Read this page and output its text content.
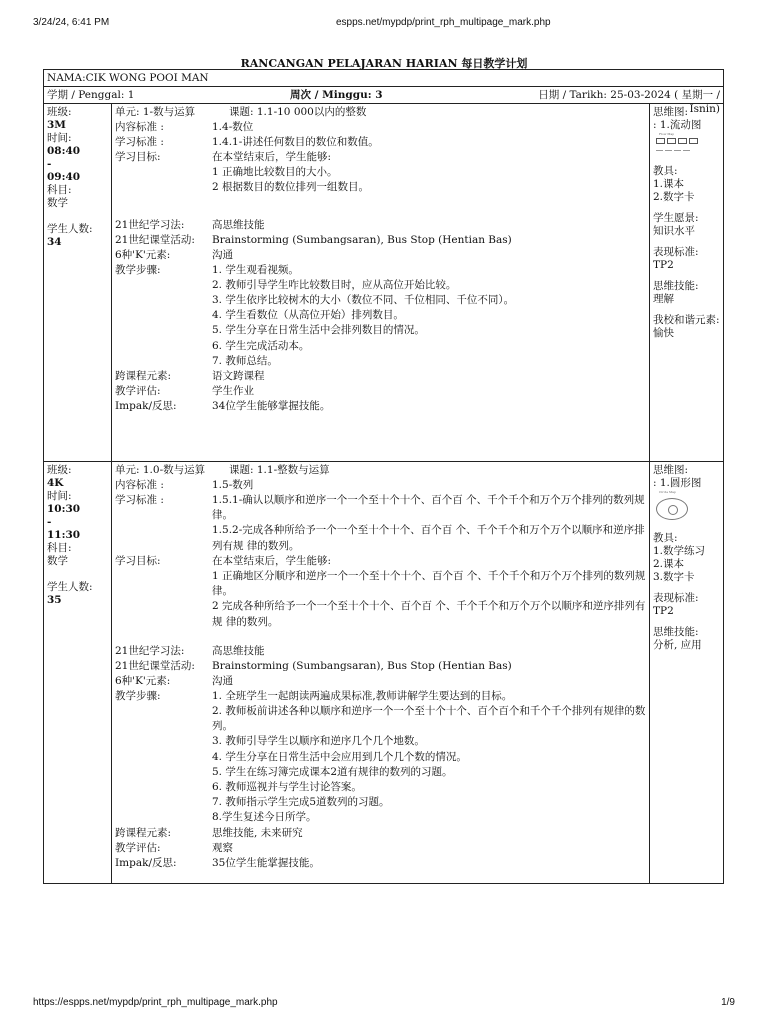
3/24/24, 6:41 PM	espps.net/mypdp/print_rph_multipage_mark.php
RANCANGAN PELAJARAN HARIAN 每日教学计划
NAMA:CIK WONG POOI MAN
学期 / Penggal: 1	周次 / Minggu: 3	日期 / Tarikh: 25-03-2024 ( 星期一 / Isnin)
班级:
3M
时间:
08:40
-
09:40
科目:
数学
学生人数:
34
单元: 1-数与运算	课题: 1.1-10 000以内的整数
内容标准 :	1.4-数位
学习标准 :	1.4.1-讲述任何数目的数位和数值。
学习目标:	在本堂结束后，学生能够:
1 正确地比较数目的大小。
2 根据数目的数位排列一组数目。
21世纪学习法:	高思维技能
21世纪课堂活动:	Brainstorming (Sumbangsaran), Bus Stop (Hentian Bas)
6种'K'元素:	沟通
教学步骤:	1. 学生观看视频。
2. 教师引导学生咋比较数目时，应从高位开始比较。
3. 学生依序比较树木的大小（数位不同、千位相同、千位不同）。
4. 学生看数位（从高位开始）排列数目。
5. 学生分享在日常生活中会排列数目的情况。
6. 学生完成活动本。
7. 教师总结。
跨课程元素:	语文跨课程
教学评估:	学生作业
Impak/反思:	34位学生能够掌握技能。
思维图:
: 1.流动图
Flow Map
教具:
1.课本
2.数字卡
学生愿景:
知识水平
表现标准:
TP2
思维技能:
理解
我校和谐元素:
愉快
班级:
4K
时间:
10:30
-
11:30
科目:
数学
学生人数:
35
单元: 1.0-数与运算	课题: 1.1-整数与运算
内容标准 :	1.5-数列
学习标准 :	1.5.1-确认以顺序和逆序一个一个至十个十个、百个百 个、千个千个和万个万个排列的数列规律。
1.5.2-完成各种所给予一个一个至十个十个、百个百 个、千个千个和万个万个以顺序和逆序排列有规 律的数列。
学习目标:	在本堂结束后，学生能够:
1 正确地区分顺序和逆序一个一个至十个十个、百个百 个、千个千个和万个万个排列的数列规律。
2 完成各种所给予一个一个至十个十个、百个百 个、千个千个和万个万个以顺序和逆序排列有规 律的数列。
21世纪学习法:	高思维技能
21世纪课堂活动:	Brainstorming (Sumbangsaran), Bus Stop (Hentian Bas)
6种'K'元素:	沟通
教学步骤:	1. 全班学生一起朗读两遍成果标准,教师讲解学生要达到的目标。
2. 教师板前讲述各种以顺序和逆序一个一个至十个十个、百个百个和千个千个排列有规律的数列。
3. 教师引导学生以顺序和逆序几个几个地数。
4. 学生分享在日常生活中会应用到几个几个数的情况。
5. 学生在练习簿完成课本2道有规律的数列的习题。
6. 教师巡视并与学生讨论答案。
7. 教师指示学生完成5道数列的习题。
8.学生复述今日所学。
跨课程元素:	思维技能, 未来研究
教学评估:	观察
Impak/反思:	35位学生能掌握技能。
思维图:
: 1.圆形图
Circle Map
教具:
1.数学练习
2.课本
3.数字卡
表现标准:
TP2
思维技能:
分析, 应用
https://espps.net/mypdp/print_rph_multipage_mark.php	1/9
